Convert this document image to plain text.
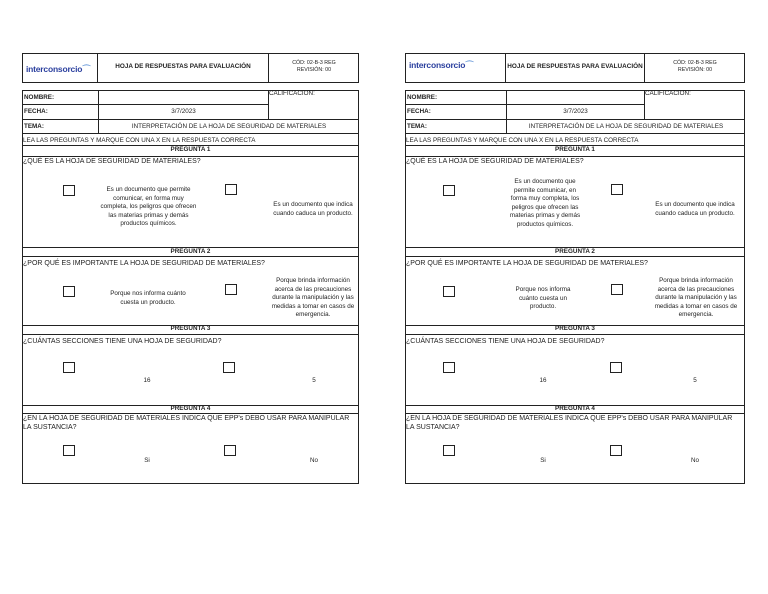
interconsorcio⌒	HOJA DE RESPUESTAS PARA EVALUACIÓN	CÓD: 02-B-3 REG
REVISIÓN: 00
NOMBRE:
FECHA:	3/7/2023
CALIFICACION:
TEMA:	INTERPRETACIÓN DE LA HOJA DE SEGURIDAD DE MATERIALES
LEA LAS PREGUNTAS Y MARQUE CON UNA X EN LA RESPUESTA CORRECTA
PREGUNTA 1
¿QUÉ ES LA HOJA DE SEGURIDAD DE MATERIALES?
Es un documento que permite comunicar, en forma muy completa, los peligros que ofrecen las materias primas y demás productos químicos.
Es un documento que indica cuando caduca un producto.
PREGUNTA 2
¿POR QUÉ ES IMPORTANTE LA HOJA DE SEGURIDAD DE MATERIALES?
Porque nos informa cuánto cuesta un producto.
Porque brinda información acerca de las precauciones durante la manipulación y las medidas a tomar en casos de emergencia.
PREGUNTA 3
¿CUÁNTAS SECCIONES TIENE UNA HOJA DE SEGURIDAD?
16	5
PREGUNTA 4
¿EN LA HOJA DE SEGURIDAD DE MATERIALES INDICA QUE EPP's DEBO USAR PARA MANIPULAR LA SUSTANCIA?
Si	No
interconsorcio⌒	HOJA DE RESPUESTAS PARA EVALUACIÓN	CÓD: 02-B-3 REG
REVISIÓN: 00
NOMBRE:
FECHA:	3/7/2023
CALIFICACION:
TEMA:	INTERPRETACIÓN DE LA HOJA DE SEGURIDAD DE MATERIALES
LEA LAS PREGUNTAS Y MARQUE CON UNA X EN LA RESPUESTA CORRECTA
PREGUNTA 1
¿QUÉ ES LA HOJA DE SEGURIDAD DE MATERIALES?
Es un documento que permite comunicar, en forma muy completa, los peligros que ofrecen las materias primas y demás productos químicos.
Es un documento que indica cuando caduca un producto.
PREGUNTA 2
¿POR QUÉ ES IMPORTANTE LA HOJA DE SEGURIDAD DE MATERIALES?
Porque nos informa cuánto cuesta un producto.
Porque brinda información acerca de las precauciones durante la manipulación y las medidas a tomar en casos de emergencia.
PREGUNTA 3
¿CUÁNTAS SECCIONES TIENE UNA HOJA DE SEGURIDAD?
16	5
PREGUNTA 4
¿EN LA HOJA DE SEGURIDAD DE MATERIALES INDICA QUE EPP's DEBO USAR PARA MANIPULAR LA SUSTANCIA?
Si	No
